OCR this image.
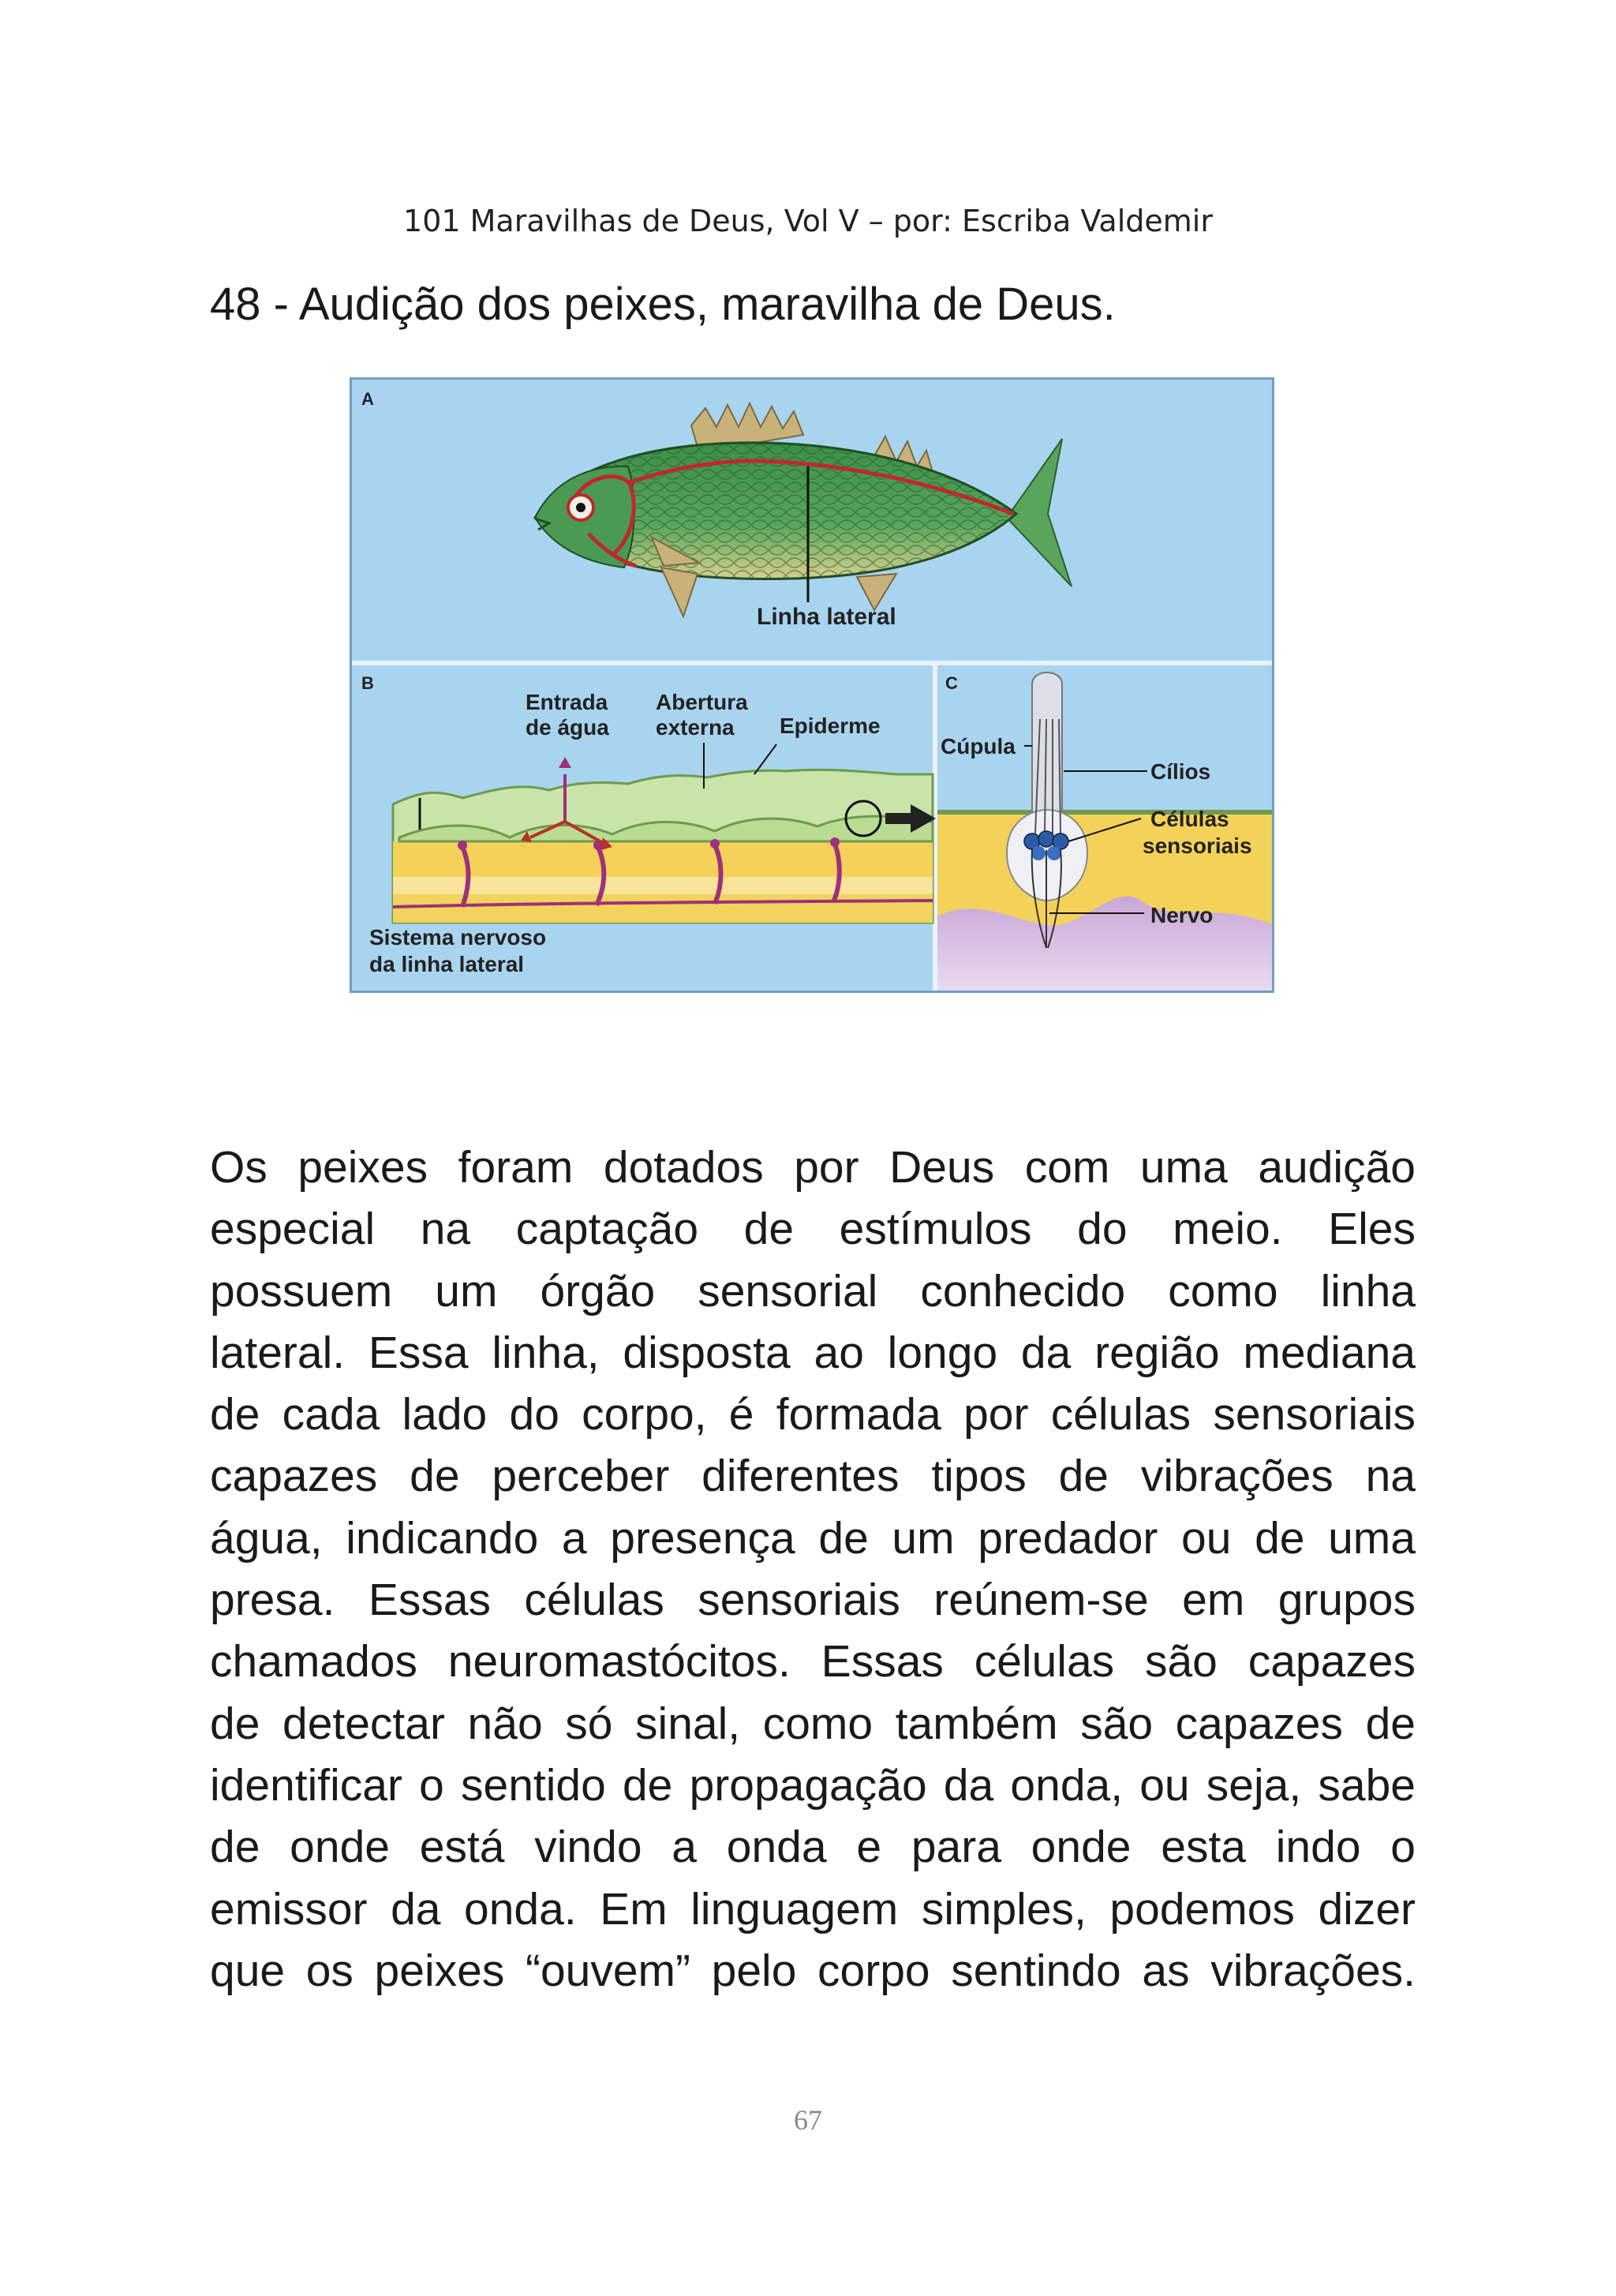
101 Maravilhas de Deus, Vol V – por: Escriba Valdemir
48 - Audição dos peixes, maravilha de Deus.
A
Linha lateral
B
Entrada
de água
Abertura
externa Epiderme
Sistema nervoso
da linha lateral
C
Cúpula
Cílios
Células
sensoriais
Nervo
Os peixes foram dotados por Deus com uma audição
especial na captação de estímulos do meio. Eles
possuem um órgão sensorial conhecido como linha
lateral. Essa linha, disposta ao longo da região mediana
de cada lado do corpo, é formada por células sensoriais
capazes de perceber diferentes tipos de vibrações na
água, indicando a presença de um predador ou de uma
presa. Essas células sensoriais reúnem-se em grupos
chamados neuromastócitos. Essas células são capazes
de detectar não só sinal, como também são capazes de
identificar o sentido de propagação da onda, ou seja, sabe
de onde está vindo a onda e para onde esta indo o
emissor da onda. Em linguagem simples, podemos dizer
que os peixes “ouvem” pelo corpo sentindo as vibrações.
67
